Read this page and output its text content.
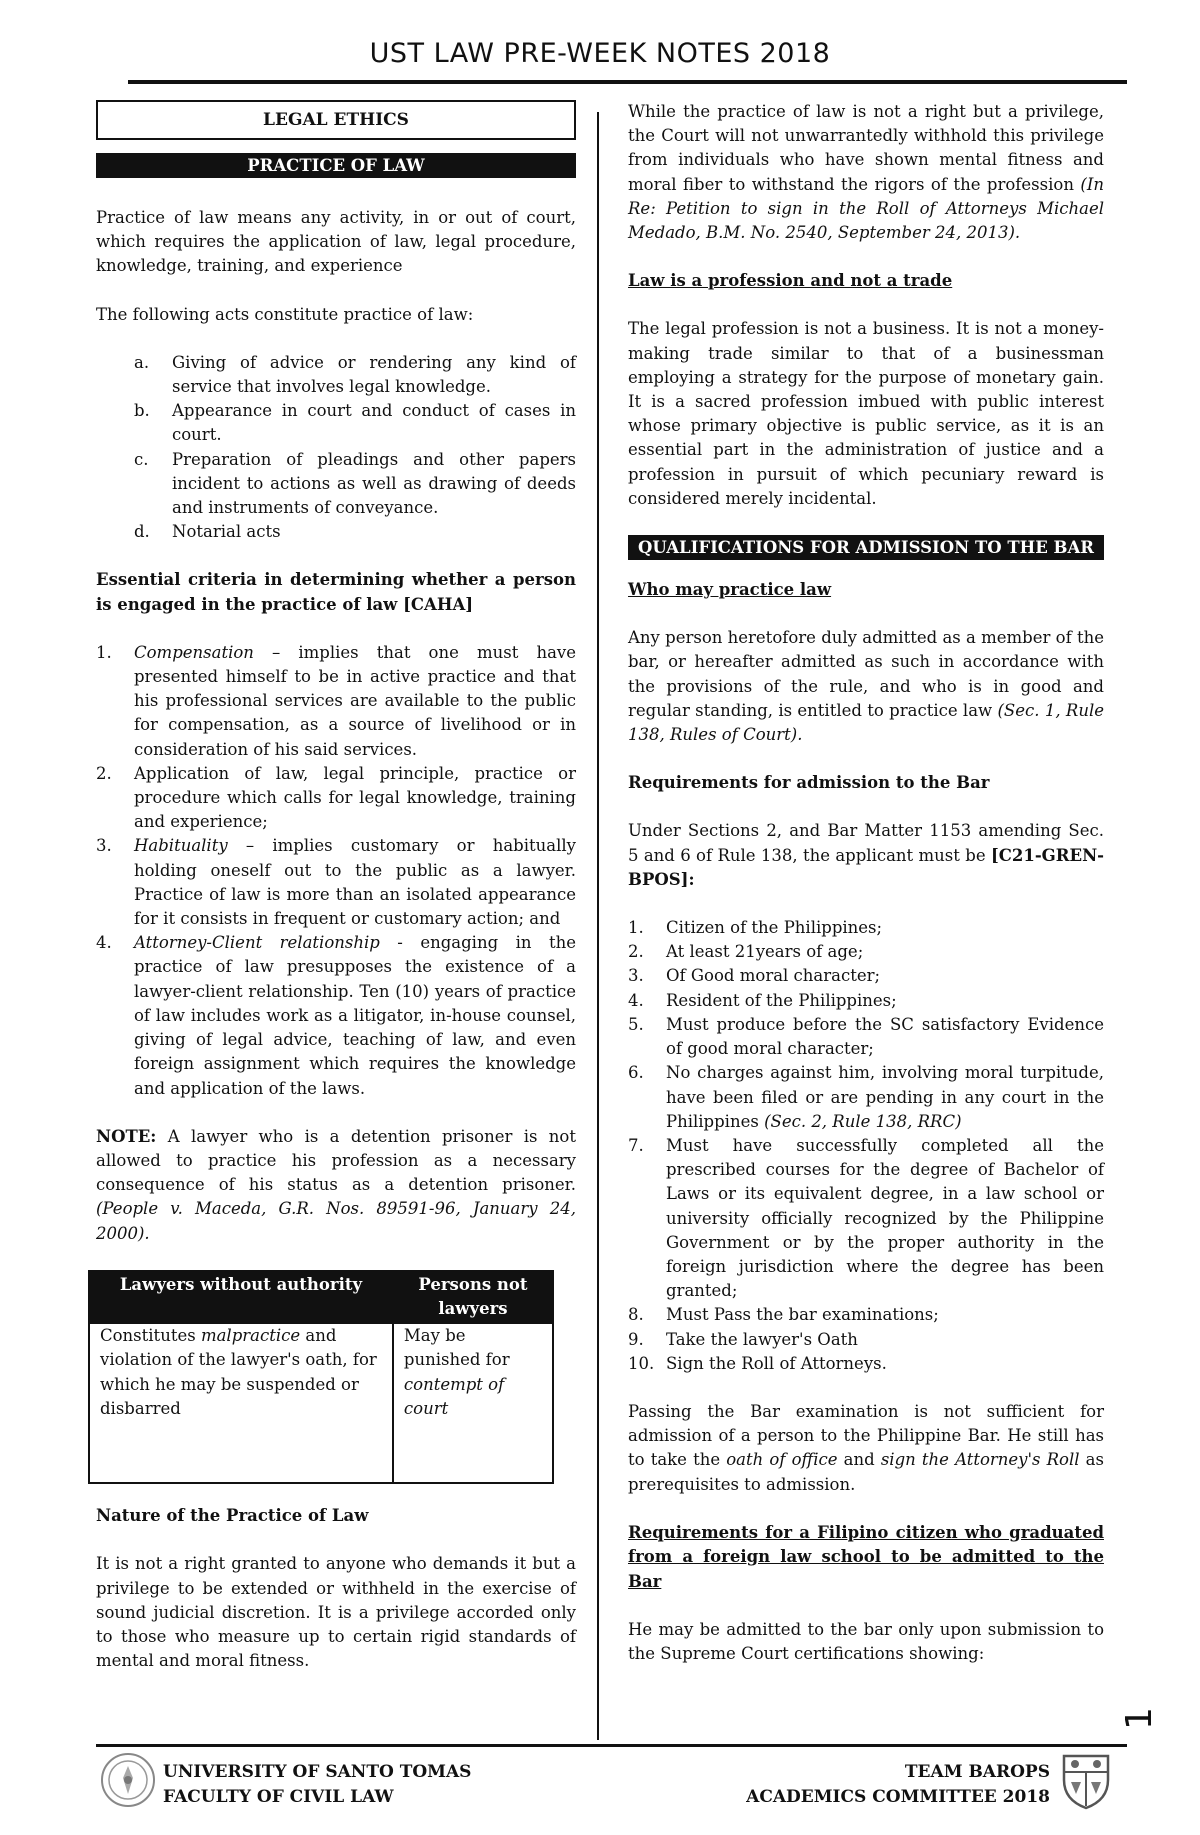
UST LAW PRE-WEEK NOTES 2018
LEGAL ETHICS
PRACTICE OF LAW

Practice of law means any activity, in or out of court, which requires the application of law, legal procedure, knowledge, training, and experience

The following acts constitute practice of law:

a.	Giving of advice or rendering any kind of service that involves legal knowledge.
b.	Appearance in court and conduct of cases in court.
c.	Preparation of pleadings and other papers incident to actions as well as drawing of deeds and instruments of conveyance.
d.	Notarial acts

Essential criteria in determining whether a person is engaged in the practice of law [CAHA]

1.	Compensation – implies that one must have presented himself to be in active practice and that his professional services are available to the public for compensation, as a source of livelihood or in consideration of his said services.
2.	Application of law, legal principle, practice or procedure which calls for legal knowledge, training and experience;
3.	Habituality – implies customary or habitually holding oneself out to the public as a lawyer. Practice of law is more than an isolated appearance for it consists in frequent or customary action; and
4.	Attorney-Client relationship - engaging in the practice of law presupposes the existence of a lawyer-client relationship. Ten (10) years of practice of law includes work as a litigator, in-house counsel, giving of legal advice, teaching of law, and even foreign assignment which requires the knowledge and application of the laws.

NOTE: A lawyer who is a detention prisoner is not allowed to practice his profession as a necessary consequence of his status as a detention prisoner. (People v. Maceda, G.R. Nos. 89591-96, January 24, 2000).

Lawyers without authority	Persons not lawyers
Constitutes malpractice and violation of the lawyer's oath, for which he may be suspended or disbarred	May be punished for contempt of court

Nature of the Practice of Law

It is not a right granted to anyone who demands it but a privilege to be extended or withheld in the exercise of sound judicial discretion. It is a privilege accorded only to those who measure up to certain rigid standards of mental and moral fitness.

While the practice of law is not a right but a privilege, the Court will not unwarrantedly withhold this privilege from individuals who have shown mental fitness and moral fiber to withstand the rigors of the profession (In Re: Petition to sign in the Roll of Attorneys Michael Medado, B.M. No. 2540, September 24, 2013).

Law is a profession and not a trade

The legal profession is not a business. It is not a money-making trade similar to that of a businessman employing a strategy for the purpose of monetary gain. It is a sacred profession imbued with public interest whose primary objective is public service, as it is an essential part in the administration of justice and a profession in pursuit of which pecuniary reward is considered merely incidental.

QUALIFICATIONS FOR ADMISSION TO THE BAR

Who may practice law

Any person heretofore duly admitted as a member of the bar, or hereafter admitted as such in accordance with the provisions of the rule, and who is in good and regular standing, is entitled to practice law (Sec. 1, Rule 138, Rules of Court).

Requirements for admission to the Bar

Under Sections 2, and Bar Matter 1153 amending Sec. 5 and 6 of Rule 138, the applicant must be [C21-GREN-BPOS]:

1.	Citizen of the Philippines;
2.	At least 21years of age;
3.	Of Good moral character;
4.	Resident of the Philippines;
5.	Must produce before the SC satisfactory Evidence of good moral character;
6.	No charges against him, involving moral turpitude, have been filed or are pending in any court in the Philippines (Sec. 2, Rule 138, RRC)
7.	Must have successfully completed all the prescribed courses for the degree of Bachelor of Laws or its equivalent degree, in a law school or university officially recognized by the Philippine Government or by the proper authority in the foreign jurisdiction where the degree has been granted;
8.	Must Pass the bar examinations;
9.	Take the lawyer's Oath
10. Sign the Roll of Attorneys.

Passing the Bar examination is not sufficient for admission of a person to the Philippine Bar. He still has to take the oath of office and sign the Attorney's Roll as prerequisites to admission.

Requirements for a Filipino citizen who graduated from a foreign law school to be admitted to the Bar

He may be admitted to the bar only upon submission to the Supreme Court certifications showing:

1
UNIVERSITY OF SANTO TOMAS
FACULTY OF CIVIL LAW
TEAM BAROPS
ACADEMICS COMMITTEE 2018
